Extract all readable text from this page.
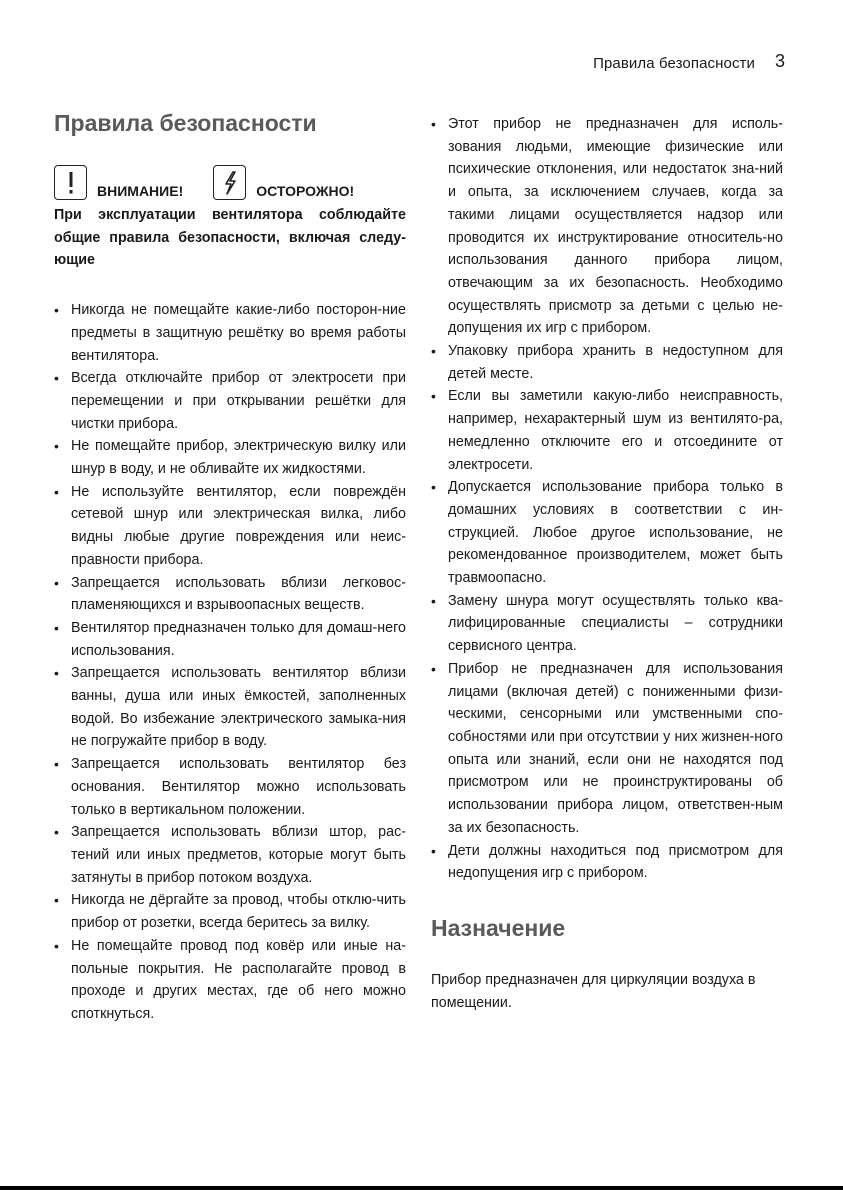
Правила безопасности 3
Правила безопасности
ВНИМАНИЕ!	ОСТОРОЖНО!
При эксплуатации вентилятора соблюдайте общие правила безопасности, включая следу-ющие
• Никогда не помещайте какие-либо посторон-ние предметы в защитную решётку во время работы вентилятора.
• Всегда отключайте прибор от электросети при перемещении и при открывании решётки для чистки прибора.
• Не помещайте прибор, электрическую вилку или шнур в воду, и не обливайте их жидкостями.
• Не используйте вентилятор, если повреждён сетевой шнур или электрическая вилка, либо видны любые другие повреждения или неис-правности прибора.
• Запрещается использовать вблизи легковос-пламеняющихся и взрывоопасных веществ.
• Вентилятор предназначен только для домаш-него использования.
• Запрещается использовать вентилятор вблизи ванны, душа или иных ёмкостей, заполненных водой. Во избежание электрического замыка-ния не погружайте прибор в воду.
• Запрещается использовать вентилятор без основания. Вентилятор можно использовать только в вертикальном положении.
• Запрещается использовать вблизи штор, рас-тений или иных предметов, которые могут быть затянуты в прибор потоком воздуха.
• Никогда не дёргайте за провод, чтобы отклю-чить прибор от розетки, всегда беритесь за вилку.
• Не помещайте провод под ковёр или иные на-польные покрытия. Не располагайте провод в проходе и других местах, где об него можно споткнуться.
• Этот прибор не предназначен для исполь-зования людьми, имеющие физические или психические отклонения, или недостаток зна-ний и опыта, за исключением случаев, когда за такими лицами осуществляется надзор или проводится их инструктирование относитель-но использования данного прибора лицом, отвечающим за их безопасность. Необходимо осуществлять присмотр за детьми с целью не-допущения их игр с прибором.
• Упаковку прибора хранить в недоступном для детей месте.
• Если вы заметили какую-либо неисправность, например, нехарактерный шум из вентилято-ра, немедленно отключите его и отсоедините от электросети.
• Допускается использование прибора только в домашних условиях в соответствии с ин-струкцией. Любое другое использование, не рекомендованное производителем, может быть травмоопасно.
• Замену шнура могут осуществлять только ква-лифицированные специалисты – сотрудники сервисного центра.
• Прибор не предназначен для использования лицами (включая детей) с пониженными физи-ческими, сенсорными или умственными спо-собностями или при отсутствии у них жизнен-ного опыта или знаний, если они не находятся под присмотром или не проинструктированы об использовании прибора лицом, ответствен-ным за их безопасность.
• Дети должны находиться под присмотром для недопущения игр с прибором.
Назначение
Прибор предназначен для циркуляции воздуха в помещении.
